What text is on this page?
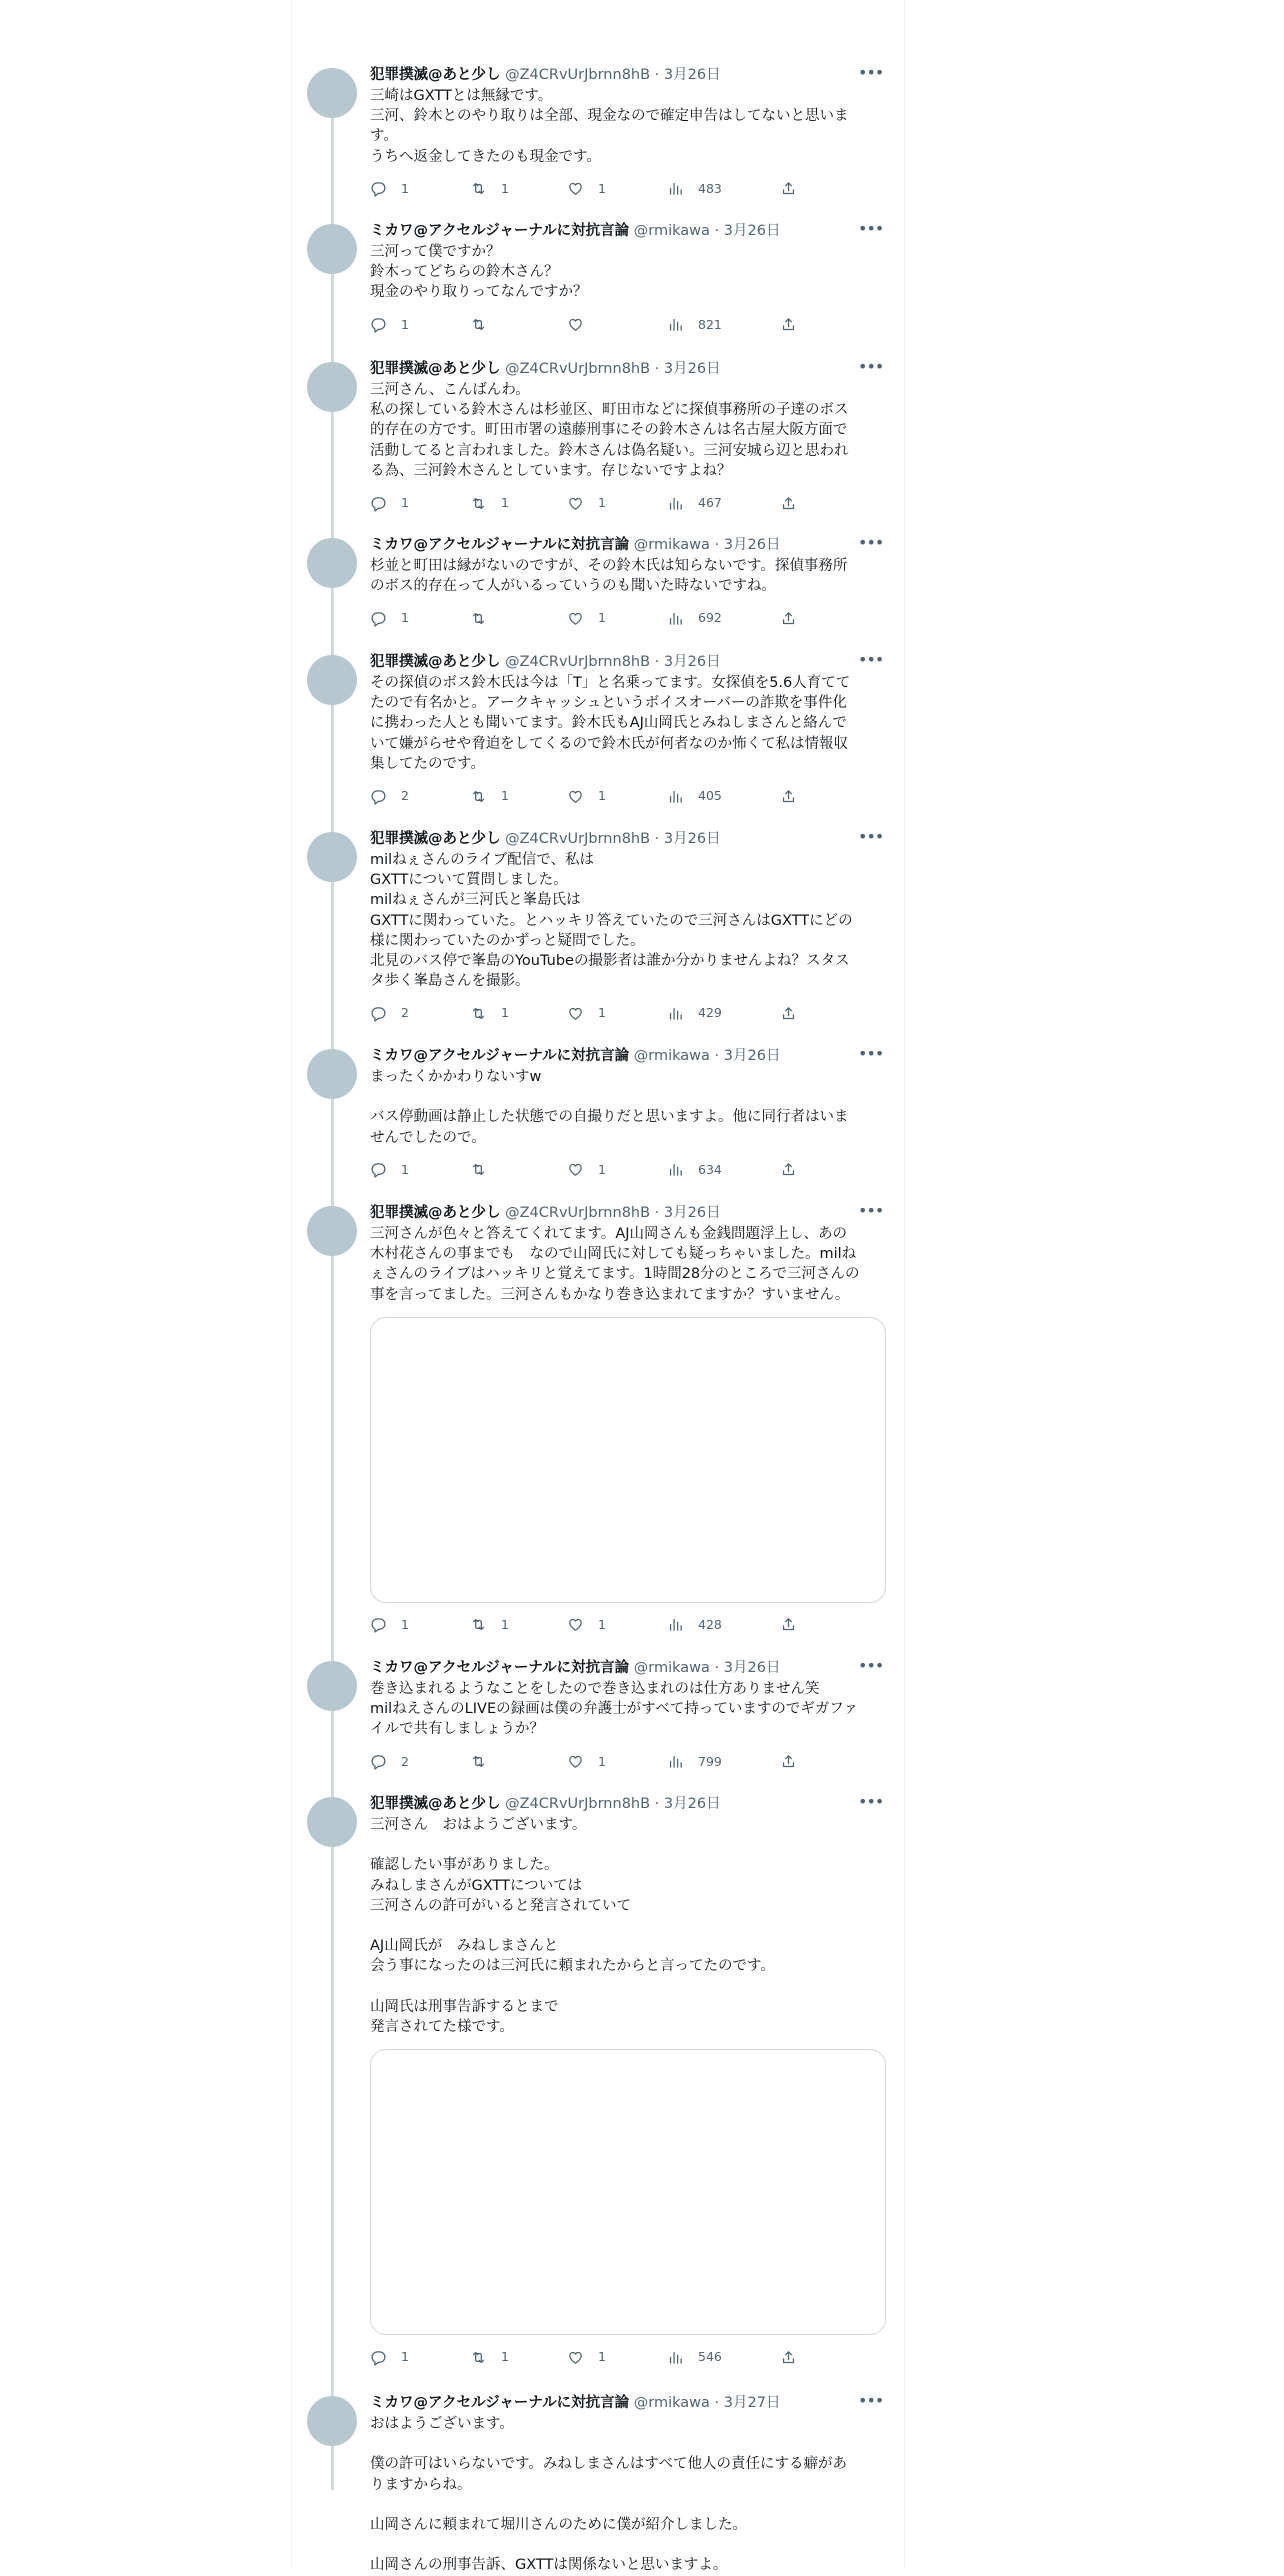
犯罪撲滅@あと少し @Z4CRvUrJbrnn8hB · 3月26日	•••
三崎はGXTTとは無縁です。
三河、鈴木とのやり取りは全部、現金なので確定申告はしてないと思いま
す。
うちへ返金してきたのも現金です。
1	1	1	483
ミカワ@アクセルジャーナルに対抗言論 @rmikawa · 3月26日	•••
三河って僕ですか？
鈴木ってどちらの鈴木さん？
現金のやり取りってなんですか？
1	821
犯罪撲滅@あと少し @Z4CRvUrJbrnn8hB · 3月26日	•••
三河さん、こんばんわ。
私の探している鈴木さんは杉並区、町田市などに探偵事務所の子達のボス
的存在の方です。町田市署の遠藤刑事にその鈴木さんは名古屋大阪方面で
活動してると言われました。鈴木さんは偽名疑い。三河安城ら辺と思われ
る為、三河鈴木さんとしています。存じないですよね？
1	1	1	467
ミカワ@アクセルジャーナルに対抗言論 @rmikawa · 3月26日	•••
杉並と町田は縁がないのですが、その鈴木氏は知らないです。探偵事務所
のボス的存在って人がいるっていうのも聞いた時ないですね。
1	1	692
犯罪撲滅@あと少し @Z4CRvUrJbrnn8hB · 3月26日	•••
その探偵のボス鈴木氏は今は「T」と名乗ってます。女探偵を5.6人育てて
たので有名かと。アークキャッシュというボイスオーバーの詐欺を事件化
に携わった人とも聞いてます。鈴木氏もAJ山岡氏とみねしまさんと絡んで
いて嫌がらせや脅迫をしてくるので鈴木氏が何者なのか怖くて私は情報収
集してたのです。
2	1	1	405
犯罪撲滅@あと少し @Z4CRvUrJbrnn8hB · 3月26日	•••
milねぇさんのライブ配信で、私は
GXTTについて質問しました。
milねぇさんが三河氏と峯島氏は
GXTTに関わっていた。とハッキリ答えていたので三河さんはGXTTにどの
様に関わっていたのかずっと疑問でした。
北見のバス停で峯島のYouTubeの撮影者は誰か分かりませんよね？スタス
タ歩く峯島さんを撮影。
2	1	1	429
ミカワ@アクセルジャーナルに対抗言論 @rmikawa · 3月26日	•••
まったくかかわりないすw

バス停動画は静止した状態での自撮りだと思いますよ。他に同行者はいま
せんでしたので。
1	1	634
犯罪撲滅@あと少し @Z4CRvUrJbrnn8hB · 3月26日	•••
三河さんが色々と答えてくれてます。AJ山岡さんも金銭問題浮上し、あの
木村花さんの事までも　なので山岡氏に対しても疑っちゃいました。milね
ぇさんのライブはハッキリと覚えてます。1時間28分のところで三河さんの
事を言ってました。三河さんもかなり巻き込まれてますか？すいません。
1	1	1	428
ミカワ@アクセルジャーナルに対抗言論 @rmikawa · 3月26日	•••
巻き込まれるようなことをしたので巻き込まれのは仕方ありません笑
milねえさんのLIVEの録画は僕の弁護士がすべて持っていますのでギガファ
イルで共有しましょうか？
2	1	799
犯罪撲滅@あと少し @Z4CRvUrJbrnn8hB · 3月26日	•••
三河さん　おはようございます。

確認したい事がありました。
みねしまさんがGXTTについては
三河さんの許可がいると発言されていて

AJ山岡氏が　みねしまさんと
会う事になったのは三河氏に頼まれたからと言ってたのです。

山岡氏は刑事告訴するとまで
発言されてた様です。
1	1	1	546
ミカワ@アクセルジャーナルに対抗言論 @rmikawa · 3月27日	•••
おはようございます。

僕の許可はいらないです。みねしまさんはすべて他人の責任にする癖があ
りますからね。

山岡さんに頼まれて堀川さんのために僕が紹介しました。

山岡さんの刑事告訴、GXTTは関係ないと思いますよ。
